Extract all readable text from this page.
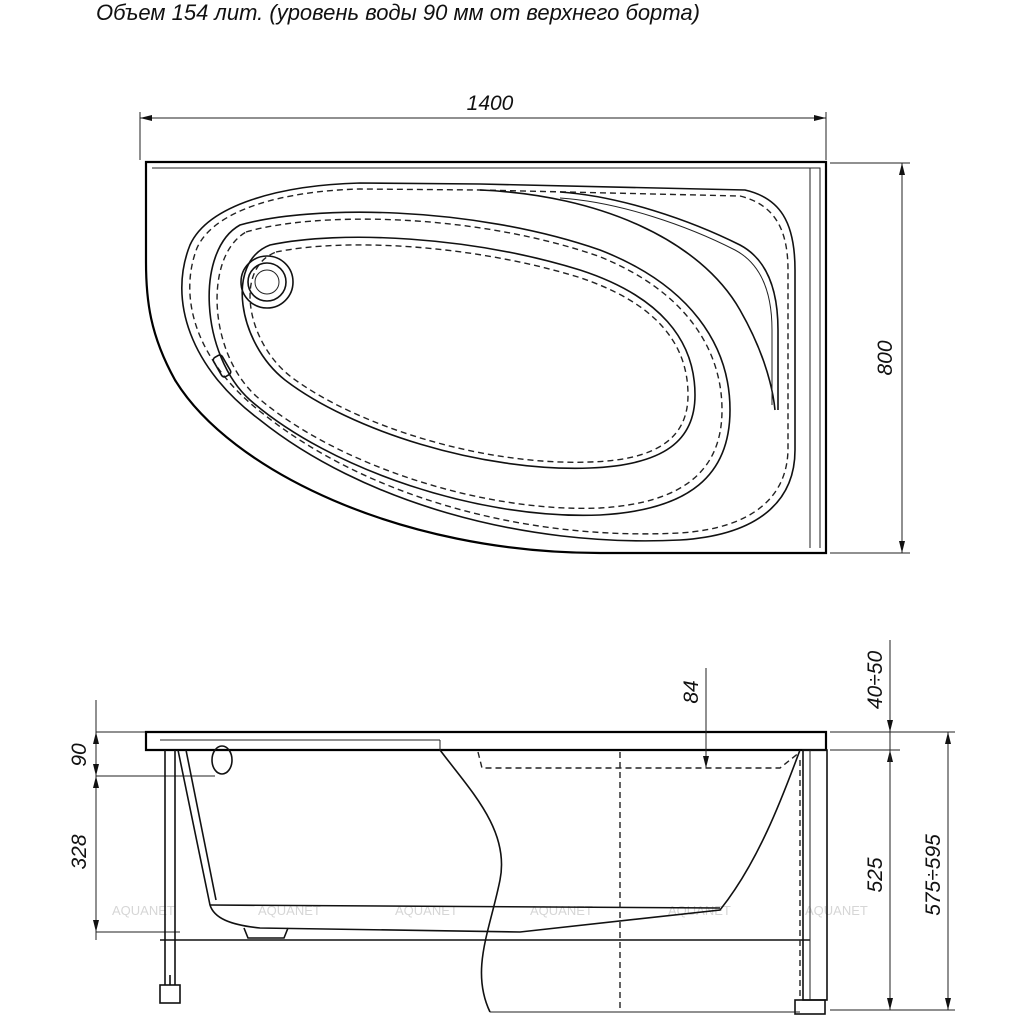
Объем 154 лит. (уровень воды 90 мм от верхнего борта)
1400
800
AQUANET	AQUANET	AQUANET	AQUANET	AQUANET	AQUANET
90
328
84	40÷50
525 575÷595
